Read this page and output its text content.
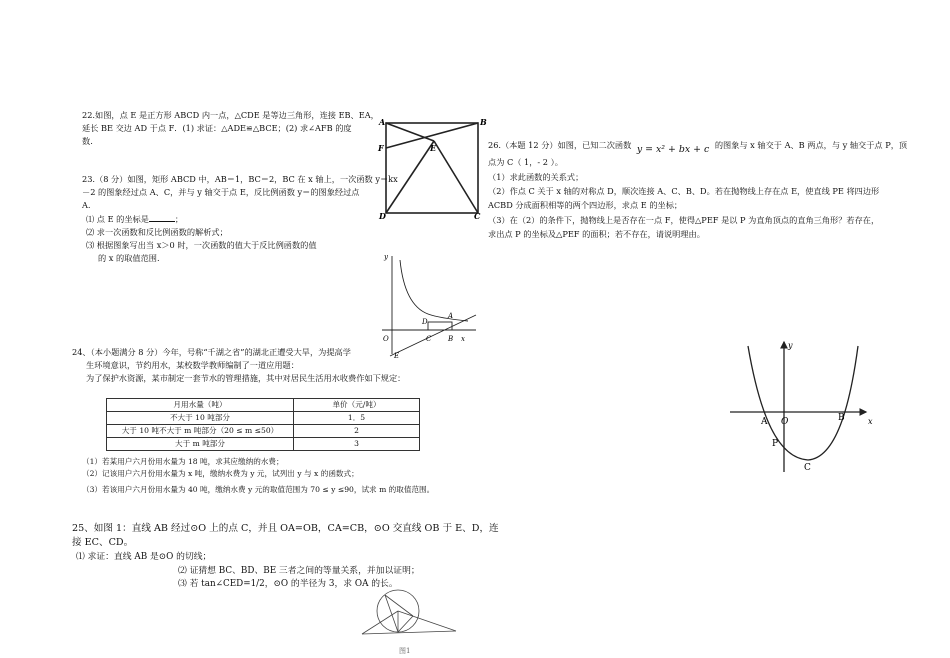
22.如图，点 E 是正方形 ABCD 内一点，△CDE 是等边三角形，连接 EB、EA，
延长 BE 交边 AD 于点 F．(1) 求证：△ADE≌△BCE；(2) 求∠AFB 的度
数.
A	B
F	E
D	C
23.（8 分）如图，矩形 ABCD 中，AB＝1，BC＝2，BC 在 x 轴上，一次函数 y＝kx
－2 的图象经过点 A、C，并与 y 轴交于点 E，反比例函数 y＝的图象经过点
A.
⑴ 点 E 的坐标是	；
⑵ 求一次函数和反比例函数的解析式；
⑶ 根据图象写出当 x＞0 时，一次函数的值大于反比例函数的值
的 x 的取值范围.	y
D
A
O	C B x
E
24、（本小题满分 8 分）今年，号称“千湖之省”的湖北正遭受大旱，为提高学
生环境意识，节约用水，某校数学教师编制了一道应用题：
为了保护水资源，某市制定一套节水的管理措施，其中对居民生活用水收费作如下规定：
月用水量（吨）	单价（元/吨）
不大于 10 吨部分	1．5
大于 10 吨不大于 m 吨部分（20 ≤ m ≤50）	2
大于 m 吨部分	3
（1）若某用户六月份用水量为 18 吨，求其应缴纳的水费；
（2）记该用户六月份用水量为 x 吨，缴纳水费为 y 元，试列出 y 与 x 的函数式；
（3）若该用户六月份用水量为 40 吨，缴纳水费 y 元的取值范围为 70 ≤ y ≤90，试求 m 的取值范围。
25、如图 1：直线 AB 经过⊙O 上的点 C，并且 OA=OB，CA=CB，⊙O 交直线 OB 于 E、D，连
接 EC、CD。
⑴ 求证：直线 AB 是⊙O 的切线；
⑵ 证猜想 BC、BD、BE 三者之间的等量关系，并加以证明；
⑶ 若 tan∠CED=1/2，⊙O 的半径为 3，求 OA 的长。
图1
26.（本题 12 分）如图，已知二次函数 y = x² + bx + c 的图象与 x 轴交于 A、B 两点，与 y 轴交于点 P，顶
点为 C（ 1，- 2 ）。
（1）求此函数的关系式；
（2）作点 C 关于 x 轴的对称点 D，顺次连接 A、C、B、D。若在抛物线上存在点 E，使直线 PE 将四边形
ACBD 分成面积相等的两个四边形，求点 E 的坐标；
（3）在（2）的条件下，抛物线上是否存在一点 F，使得△PEF 是以 P 为直角顶点的直角三角形？若存在，
求出点 P 的坐标及△PEF 的面积；若不存在，请说明理由。
y
A O	B	x
P
C
